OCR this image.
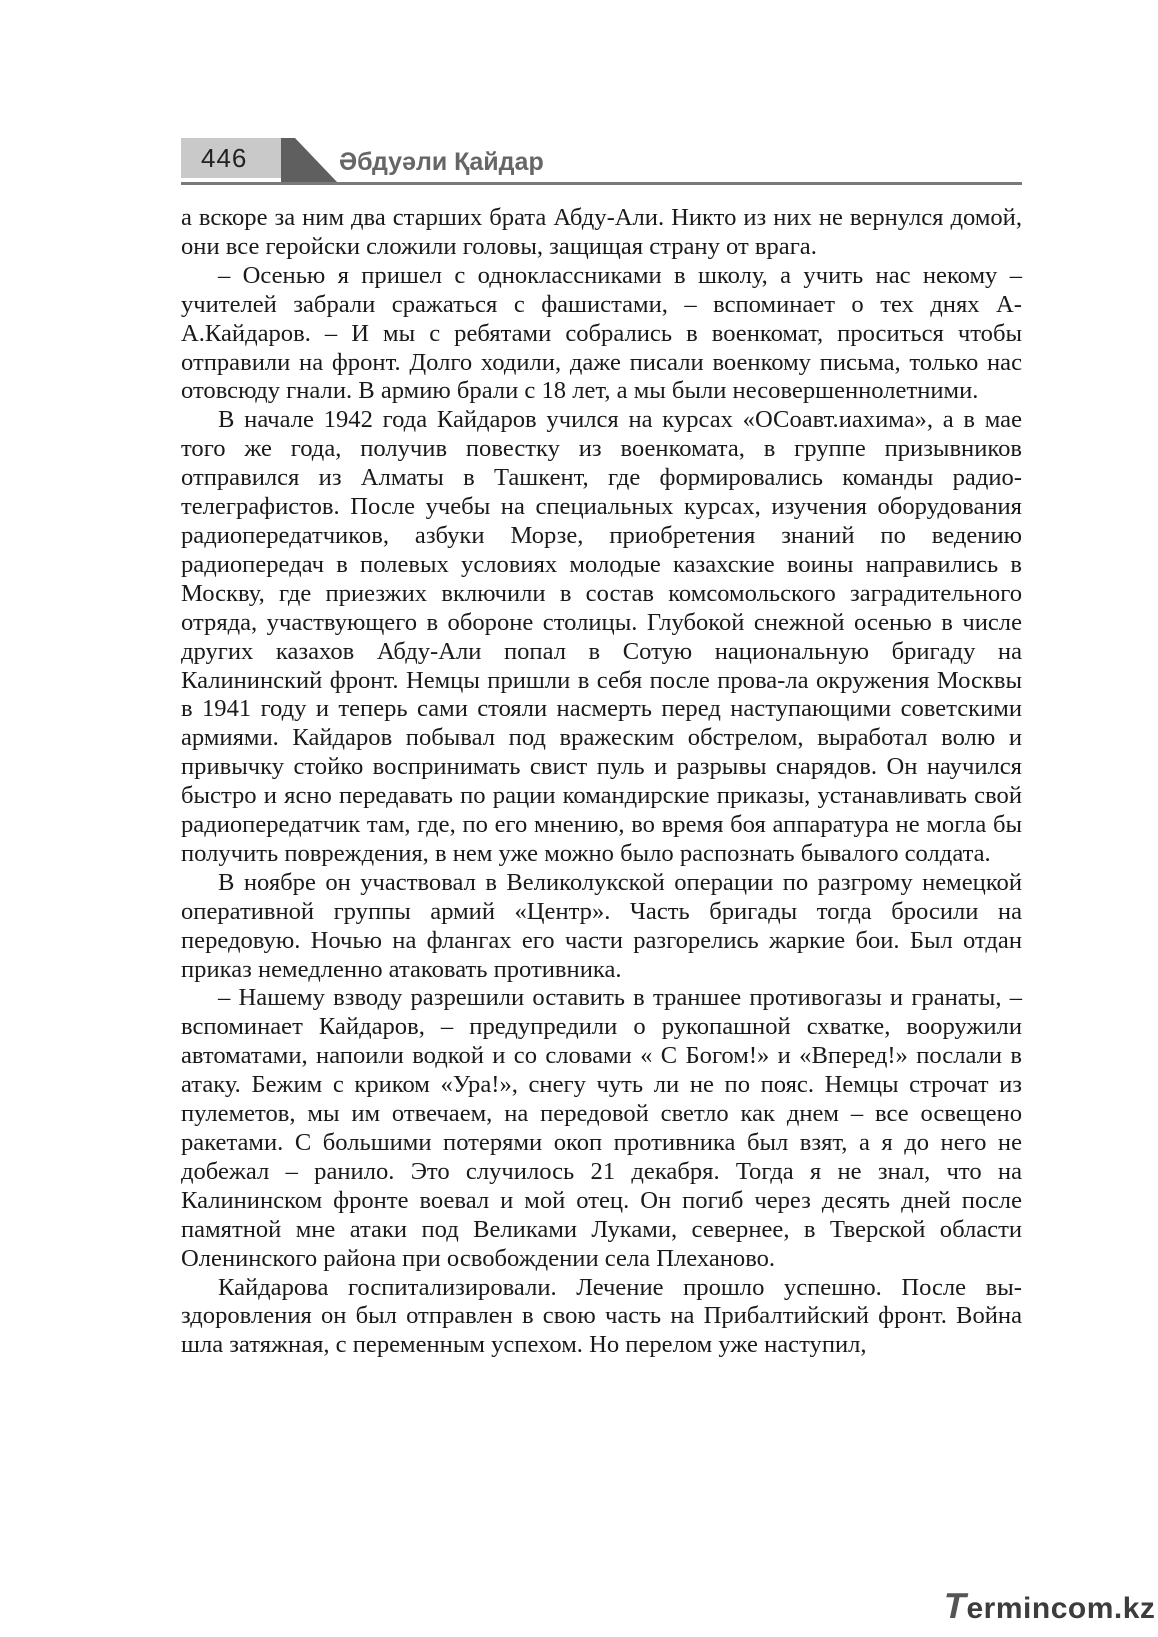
446	Әбдуәли Қайдар

а вскоре за ним два старших брата Абду-Али. Никто из них не вернулся домой, они все геройски сложили головы, защищая страну от врага.

– Осенью я пришел с одноклассниками в школу, а учить нас некому – учителей забрали сражаться с фашистами, – вспоминает о тех днях А-А.Кайдаров. – И мы с ребятами собрались в военкомат, проситься чтобы отправили на фронт. Долго ходили, даже писали военкому письма, только нас отовсюду гнали. В армию брали с 18 лет, а мы были несовершеннолетними.

В начале 1942 года Кайдаров учился на курсах «ОСоавт.иахима», а в мае того же года, получив повестку из военкомата, в группе призывников отправился из Алматы в Ташкент, где формировались команды радио-телеграфистов. После учебы на специальных курсах, изучения оборудования радиопередатчиков, азбуки Морзе, приобретения знаний по ведению радиопередач в полевых условиях молодые казахские воины направились в Москву, где приезжих включили в состав комсомольского заградительного отряда, участвующего в обороне столицы. Глубокой снежной осенью в числе других казахов Абду-Али попал в Сотую национальную бригаду на Калининский фронт. Немцы пришли в себя после прова-ла окружения Москвы в 1941 году и теперь сами стояли насмерть перед наступающими советскими армиями. Кайдаров побывал под вражеским обстрелом, выработал волю и привычку стойко воспринимать свист пуль и разрывы снарядов. Он научился быстро и ясно передавать по рации командирские приказы, устанавливать свой радиопередатчик там, где, по его мнению, во время боя аппаратура не могла бы получить повреждения, в нем уже можно было распознать бывалого солдата.

В ноябре он участвовал в Великолукской операции по разгрому немецкой оперативной группы армий «Центр». Часть бригады тогда бросили на передовую. Ночью на флангах его части разгорелись жаркие бои. Был отдан приказ немедленно атаковать противника.

– Нашему взводу разрешили оставить в траншее противогазы и гранаты, – вспоминает Кайдаров, – предупредили о рукопашной схватке, вооружили автоматами, напоили водкой и со словами « С Богом!» и «Вперед!» послали в атаку. Бежим с криком «Ура!», снегу чуть ли не по пояс. Немцы строчат из пулеметов, мы им отвечаем, на передовой светло как днем – все освещено ракетами. С большими потерями окоп противника был взят, а я до него не добежал – ранило. Это случилось 21 декабря. Тогда я не знал, что на Калининском фронте воевал и мой отец. Он погиб через десять дней после памятной мне атаки под Великами Луками, севернее, в Тверской области Оленинского района при освобождении села Плеханово.

Кайдарова госпитализировали. Лечение прошло успешно. После выздоровления он был отправлен в свою часть на Прибалтийский фронт. Война шла затяжная, с переменным успехом. Но перелом уже наступил,

Termincom.kz
